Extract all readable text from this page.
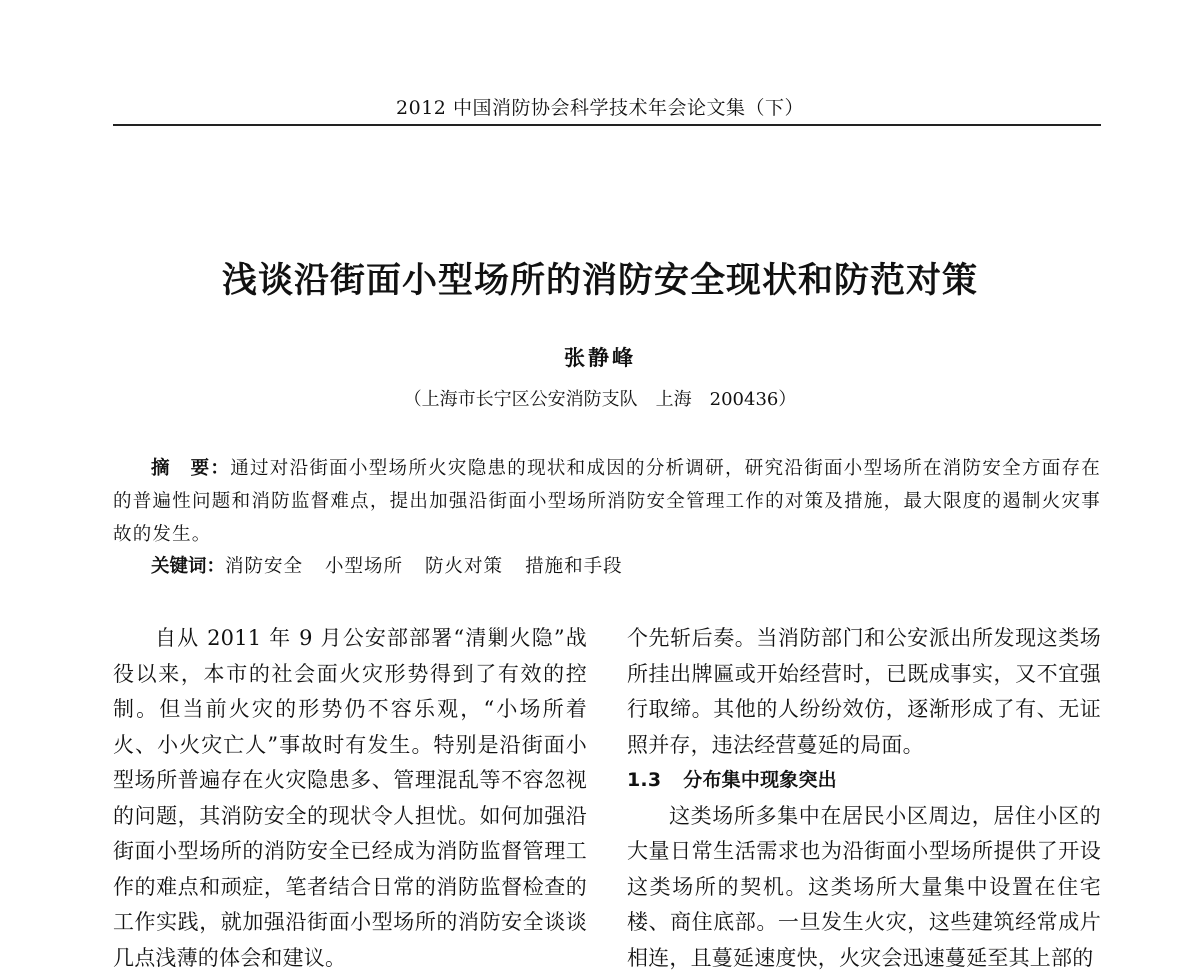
2012 中国消防协会科学技术年会论文集（下）
浅谈沿街面小型场所的消防安全现状和防范对策
张静峰
（上海市长宁区公安消防支队　上海　200436）
摘　要：通过对沿街面小型场所火灾隐患的现状和成因的分析调研，研究沿街面小型场所在消防安全方面存在的普遍性问题和消防监督难点，提出加强沿街面小型场所消防安全管理工作的对策及措施，最大限度的遏制火灾事故的发生。
关键词：消防安全 小型场所 防火对策 措施和手段

自从 2011 年 9 月公安部部署“清剿火隐”战役以来，本市的社会面火灾形势得到了有效的控制。但当前火灾的形势仍不容乐观，“小场所着火、小火灾亡人”事故时有发生。特别是沿街面小型场所普遍存在火灾隐患多、管理混乱等不容忽视的问题，其消防安全的现状令人担忧。如何加强沿街面小型场所的消防安全已经成为消防监督管理工作的难点和顽症，笔者结合日常的消防监督检查的工作实践，就加强沿街面小型场所的消防安全谈谈几点浅薄的体会和建议。

个先斩后奏。当消防部门和公安派出所发现这类场所挂出牌匾或开始经营时，已既成事实，又不宜强行取缔。其他的人纷纷效仿，逐渐形成了有、无证照并存，违法经营蔓延的局面。

1.3 分布集中现象突出

这类场所多集中在居民小区周边，居住小区的大量日常生活需求也为沿街面小型场所提供了开设这类场所的契机。这类场所大量集中设置在住宅楼、商住底部。一旦发生火灾，这些建筑经常成片相连，且蔓延速度快，火灾会迅速蔓延至其上部的
